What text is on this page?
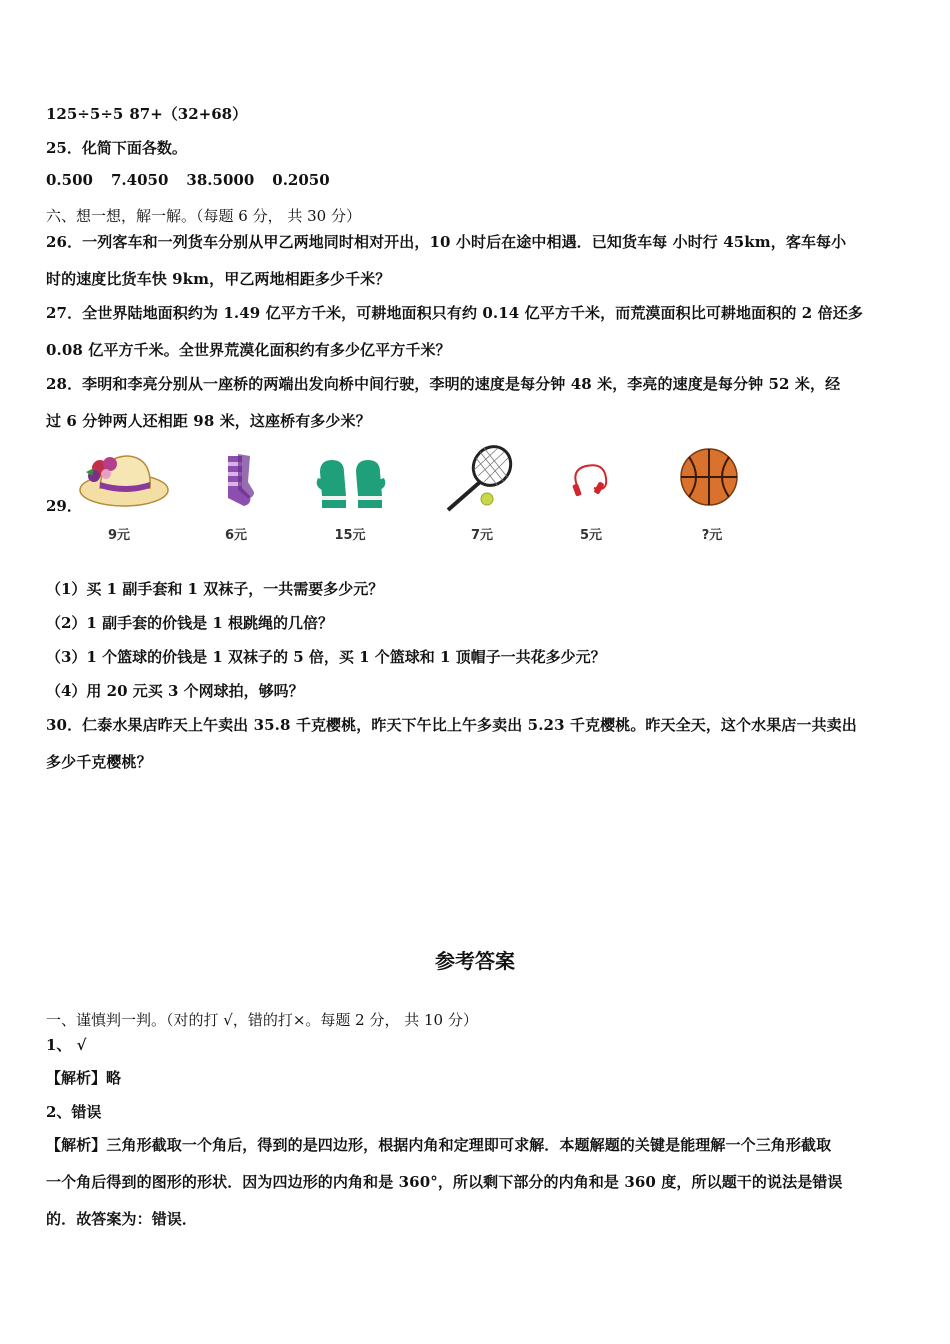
125÷5÷5 87+（32+68）
25．化简下面各数。
0.500 7.4050 38.5000 0.2050
六、想一想，解一解。（每题 6 分， 共 30 分）
26．一列客车和一列货车分别从甲乙两地同时相对开出，10 小时后在途中相遇．已知货车每 小时行 45km，客车每小
时的速度比货车快 9km，甲乙两地相距多少千米？
27．全世界陆地面积约为 1.49 亿平方千米，可耕地面积只有约 0.14 亿平方千米，而荒漠面积比可耕地面积的 2 倍还多
0.08 亿平方千米。全世界荒漠化面积约有多少亿平方千米？
28．李明和李亮分别从一座桥的两端出发向桥中间行驶，李明的速度是每分钟 48 米，李亮的速度是每分钟 52 米，经
过 6 分钟两人还相距 98 米，这座桥有多少米？
29．
9元	6元	15元	7元	5元	?元
（1）买 1 副手套和 1 双袜子，一共需要多少元？
（2）1 副手套的价钱是 1 根跳绳的几倍？
（3）1 个篮球的价钱是 1 双袜子的 5 倍，买 1 个篮球和 1 顶帽子一共花多少元？
（4）用 20 元买 3 个网球拍，够吗？
30．仁泰水果店昨天上午卖出 35.8 千克樱桃，昨天下午比上午多卖出 5.23 千克樱桃。昨天全天，这个水果店一共卖出
多少千克樱桃？
参考答案
一、谨慎判一判。（对的打 √，错的打×。每题 2 分， 共 10 分）
1、 √
【解析】略
2、错误
【解析】三角形截取一个角后，得到的是四边形，根据内角和定理即可求解．本题解题的关键是能理解一个三角形截取
一个角后得到的图形的形状．因为四边形的内角和是 360°，所以剩下部分的内角和是 360 度，所以题干的说法是错误
的．故答案为：错误．
